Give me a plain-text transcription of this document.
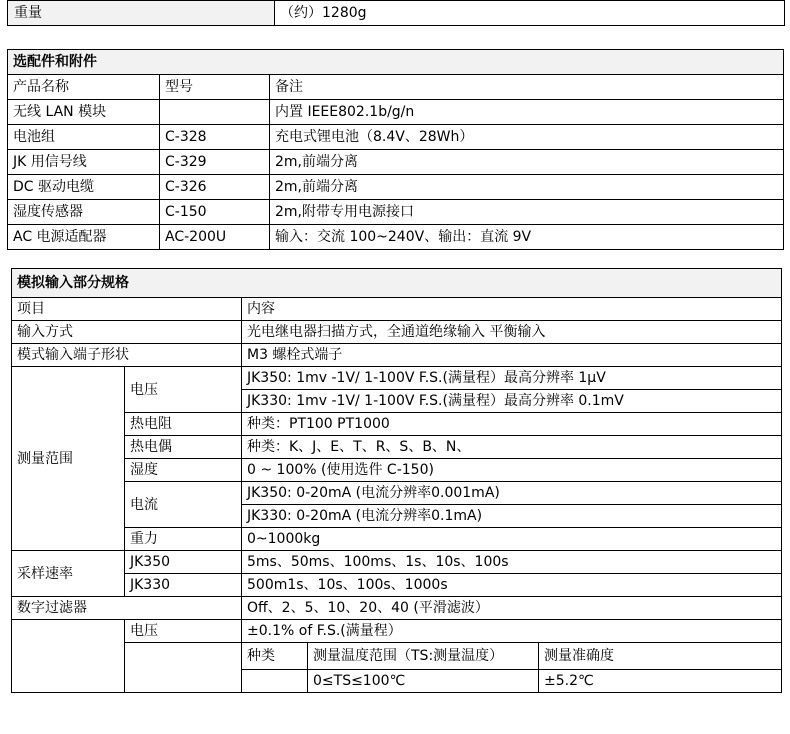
重量	（约）1280g
选配件和附件		
产品名称	型号	备注
无线 LAN 模块		内置 IEEE802.1b/g/n
电池组	C-328	充电式锂电池（8.4V、28Wh）
JK 用信号线	C-329	2m,前端分离
DC 驱动电缆	C-326	2m,前端分离
湿度传感器	C-150	2m,附带专用电源接口
AC 电源适配器	AC-200U	输入：交流 100~240V、输出：直流 9V
模拟输入部分规格				
项目		内容		
输入方式		光电继电器扫描方式，全通道绝缘输入 平衡输入		
模式输入端子形状		M3 螺栓式端子		
测量范围	电压	JK350: 1mv -1V/ 1-100V F.S.(满量程）最高分辨率 1μV		
		JK330: 1mv -1V/ 1-100V F.S.(满量程）最高分辨率 0.1mV		
	热电阻	种类：PT100 PT1000		
	热电偶	种类：K、J、E、T、R、S、B、N、		
	湿度	0 ~ 100% (使用选件 C-150)		
	电流	JK350: 0-20mA (电流分辨率0.001mA)		
		JK330: 0-20mA (电流分辨率0.1mA)		
	重力	0~1000kg		
采样速率	JK350	5ms、50ms、100ms、1s、10s、100s		
	JK330	500m1s、10s、100s、1000s		
数字过滤器		Off、2、5、10、20、40 (平滑滤波）		
	电压	±0.1% of F.S.(满量程）		
		种类	测量温度范围（TS:测量温度）	测量准确度
			0≤TS≤100℃	±5.2℃
